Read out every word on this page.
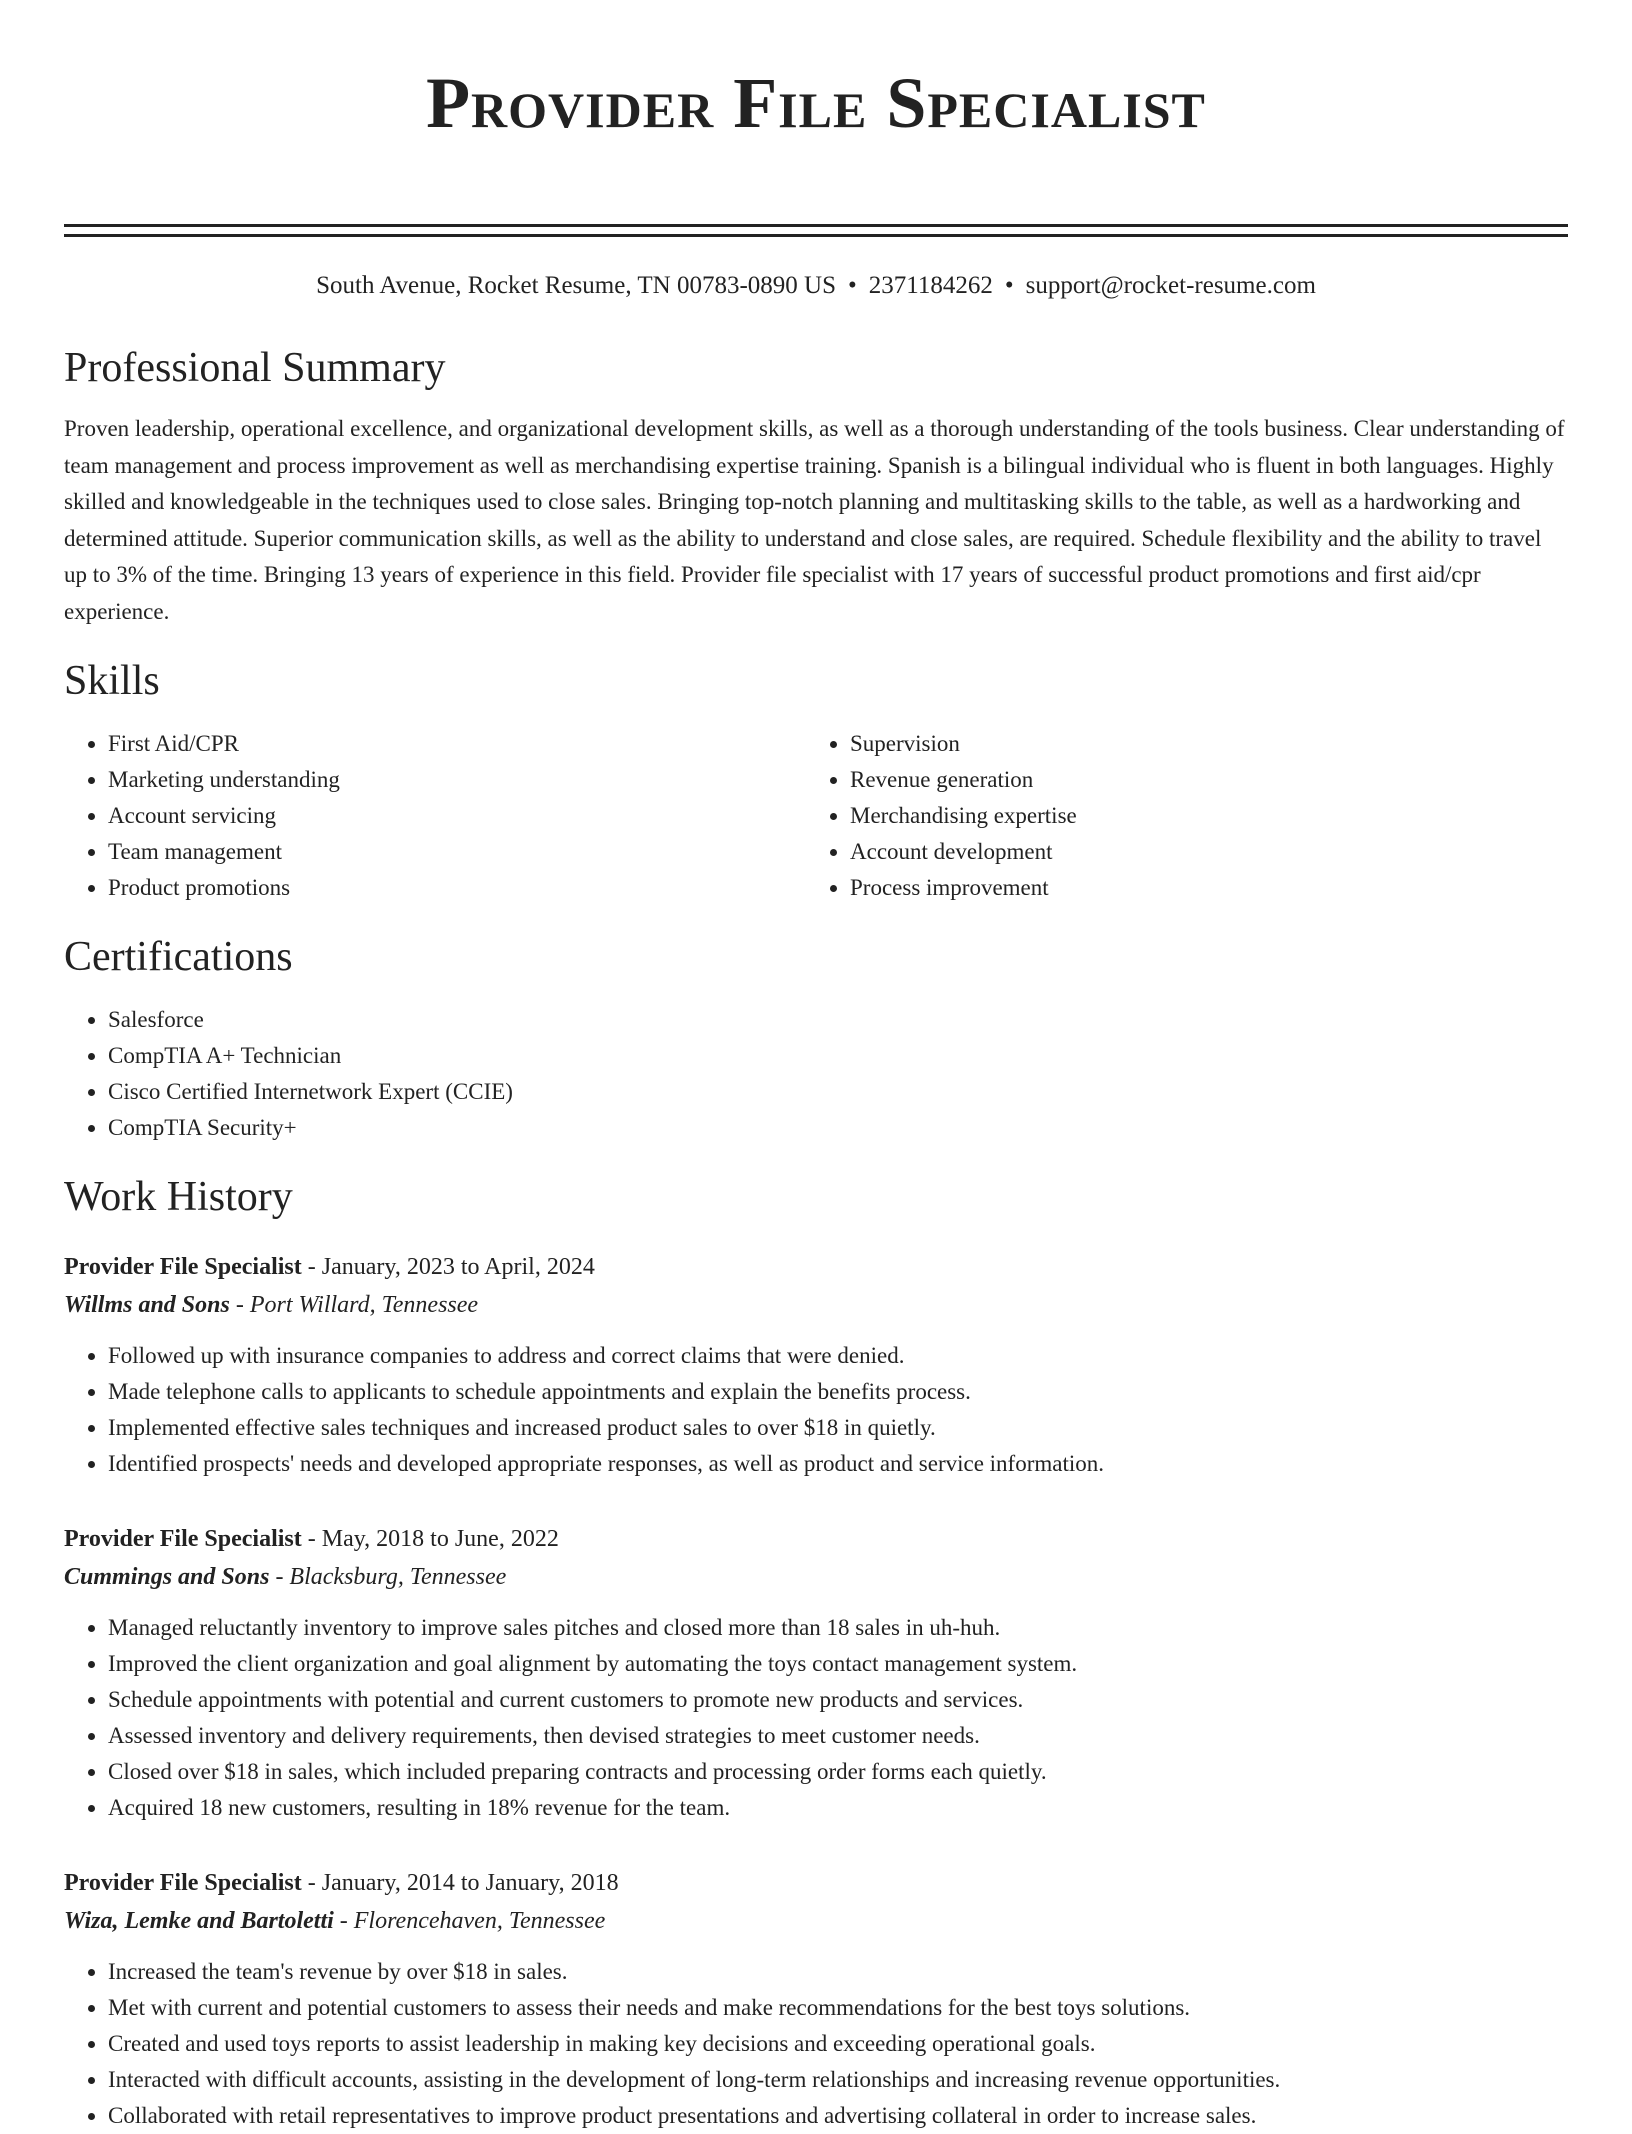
Provider File Specialist
South Avenue, Rocket Resume, TN 00783-0890 US • 2371184262 • support@rocket-resume.com
Professional Summary

Proven leadership, operational excellence, and organizational development skills, as well as a thorough understanding of the tools business. Clear understanding of team management and process improvement as well as merchandising expertise training. Spanish is a bilingual individual who is fluent in both languages. Highly skilled and knowledgeable in the techniques used to close sales. Bringing top-notch planning and multitasking skills to the table, as well as a hardworking and determined attitude. Superior communication skills, as well as the ability to understand and close sales, are required. Schedule flexibility and the ability to travel up to 3% of the time. Bringing 13 years of experience in this field. Provider file specialist with 17 years of successful product promotions and first aid/cpr experience.

Skills
• First Aid/CPR
• Marketing understanding
• Account servicing
• Team management
• Product promotions
• Supervision
• Revenue generation
• Merchandising expertise
• Account development
• Process improvement
Certifications
• Salesforce
• CompTIA A+ Technician
• Cisco Certified Internetwork Expert (CCIE)
• CompTIA Security+
Work History
Provider File Specialist - January, 2023 to April, 2024
Willms and Sons - Port Willard, Tennessee
• Followed up with insurance companies to address and correct claims that were denied.
• Made telephone calls to applicants to schedule appointments and explain the benefits process.
• Implemented effective sales techniques and increased product sales to over $18 in quietly.
• Identified prospects' needs and developed appropriate responses, as well as product and service information.
Provider File Specialist - May, 2018 to June, 2022
Cummings and Sons - Blacksburg, Tennessee
• Managed reluctantly inventory to improve sales pitches and closed more than 18 sales in uh-huh.
• Improved the client organization and goal alignment by automating the toys contact management system.
• Schedule appointments with potential and current customers to promote new products and services.
• Assessed inventory and delivery requirements, then devised strategies to meet customer needs.
• Closed over $18 in sales, which included preparing contracts and processing order forms each quietly.
• Acquired 18 new customers, resulting in 18% revenue for the team.
Provider File Specialist - January, 2014 to January, 2018
Wiza, Lemke and Bartoletti - Florencehaven, Tennessee
• Increased the team's revenue by over $18 in sales.
• Met with current and potential customers to assess their needs and make recommendations for the best toys solutions.
• Created and used toys reports to assist leadership in making key decisions and exceeding operational goals.
• Interacted with difficult accounts, assisting in the development of long-term relationships and increasing revenue opportunities.
• Collaborated with retail representatives to improve product presentations and advertising collateral in order to increase sales.
